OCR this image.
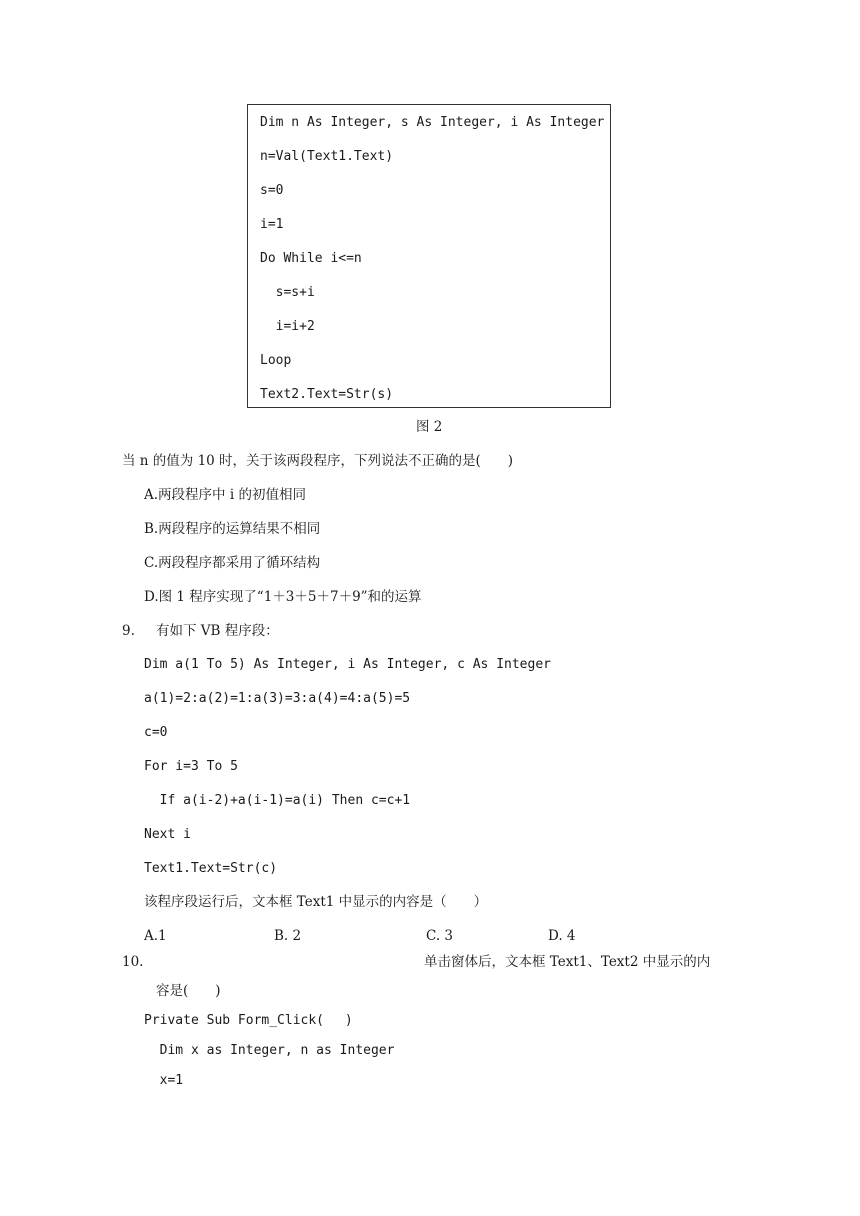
Dim n As Integer, s As Integer, i As Integer
n=Val(Text1.Text)
s=0
i=1
Do While i<=n
s=s+i
i=i+2
Loop
Text2.Text=Str(s)
图 2
当 n 的值为 10 时，关于该两段程序，下列说法不正确的是(　　)
A.两段程序中 i 的初值相同
B.两段程序的运算结果不相同
C.两段程序都采用了循环结构
D.图 1 程序实现了“1＋3＋5＋7＋9”和的运算
9. 有如下 VB 程序段：
Dim a(1 To 5) As Integer, i As Integer, c As Integer
a(1)=2:a(2)=1:a(3)=3:a(4)=4:a(5)=5
c=0
For i=3 To 5
If a(i-2)+a(i-1)=a(i) Then c=c+1
Next i
Text1.Text=Str(c)
该程序段运行后，文本框 Text1 中显示的内容是（　　）
A.1	B. 2	C. 3	D. 4
10.	单击窗体后，文本框 Text1、Text2 中显示的内
容是(　　)
Private Sub Form_Click(　 )
Dim x as Integer, n as Integer
x=1
